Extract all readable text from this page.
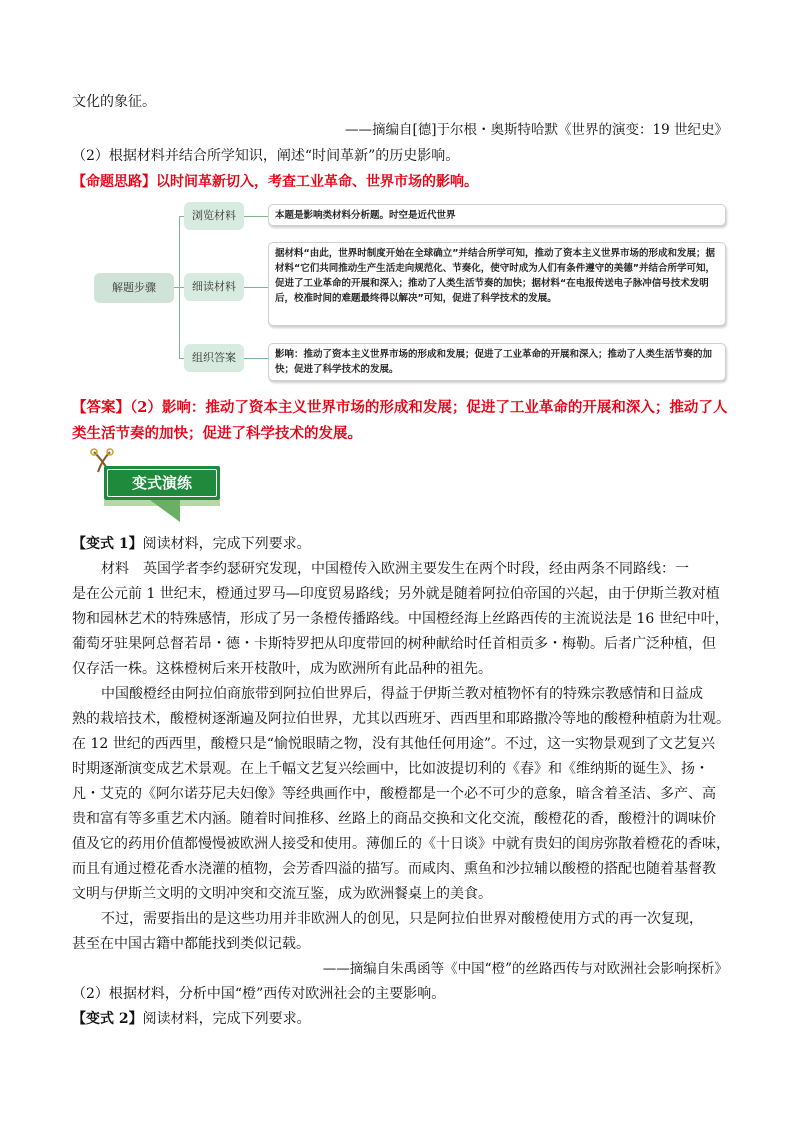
文化的象征。
——摘编自[德]于尔根・奥斯特哈默《世界的演变：19 世纪史》
（2）根据材料并结合所学知识，阐述“时间革新”的历史影响。
【命题思路】以时间革新切入，考查工业革命、世界市场的影响。
解题步骤
浏览材料	本题是影响类材料分析题。时空是近代世界
细读材料
据材料“由此，世界时制度开始在全球确立”并结合所学可知，推动了资本主义世界市场的形成和发展；据材料“它们共同推动生产生活走向规范化、节奏化，使守时成为人们有条件遵守的美德”并结合所学可知，促进了工业革命的开展和深入；推动了人类生活节奏的加快；据材料“在电报传送电子脉冲信号技术发明后，校准时间的难题最终得以解决”可知，促进了科学技术的发展。
组织答案	影响：推动了资本主义世界市场的形成和发展；促进了工业革命的开展和深入；推动了人类生活节奏的加快；促进了科学技术的发展。
【答案】（2）影响：推动了资本主义世界市场的形成和发展；促进了工业革命的开展和深入；推动了人
类生活节奏的加快；促进了科学技术的发展。
变式演练
【变式 1】阅读材料，完成下列要求。
材料　英国学者李约瑟研究发现，中国橙传入欧洲主要发生在两个时段，经由两条不同路线：一
是在公元前 1 世纪末，橙通过罗马—印度贸易路线；另外就是随着阿拉伯帝国的兴起，由于伊斯兰教对植
物和园林艺术的特殊感情，形成了另一条橙传播路线。中国橙经海上丝路西传的主流说法是 16 世纪中叶，
葡萄牙驻果阿总督若昂・德・卡斯特罗把从印度带回的树种献给时任首相贡多・梅勒。后者广泛种植，但
仅存活一株。这株橙树后来开枝散叶，成为欧洲所有此品种的祖先。
中国酸橙经由阿拉伯商旅带到阿拉伯世界后，得益于伊斯兰教对植物怀有的特殊宗教感情和日益成
熟的栽培技术，酸橙树逐渐遍及阿拉伯世界，尤其以西班牙、西西里和耶路撒冷等地的酸橙种植蔚为壮观。
在 12 世纪的西西里，酸橙只是“愉悦眼睛之物，没有其他任何用途”。不过，这一实物景观到了文艺复兴
时期逐渐演变成艺术景观。在上千幅文艺复兴绘画中，比如波提切利的《春》和《维纳斯的诞生》、扬・
凡・艾克的《阿尔诺芬尼夫妇像》等经典画作中，酸橙都是一个必不可少的意象，暗含着圣洁、多产、高
贵和富有等多重艺术内涵。随着时间推移、丝路上的商品交换和文化交流，酸橙花的香，酸橙汁的调味价
值及它的药用价值都慢慢被欧洲人接受和使用。薄伽丘的《十日谈》中就有贵妇的闺房弥散着橙花的香味，
而且有通过橙花香水浇灌的植物，会芳香四溢的描写。而咸肉、熏鱼和沙拉辅以酸橙的搭配也随着基督教
文明与伊斯兰文明的文明冲突和交流互鉴，成为欧洲餐桌上的美食。
不过，需要指出的是这些功用并非欧洲人的创见，只是阿拉伯世界对酸橙使用方式的再一次复现，
甚至在中国古籍中都能找到类似记载。
——摘编自朱禹函等《中国“橙”的丝路西传与对欧洲社会影响探析》
（2）根据材料，分析中国“橙”西传对欧洲社会的主要影响。
【变式 2】阅读材料，完成下列要求。
